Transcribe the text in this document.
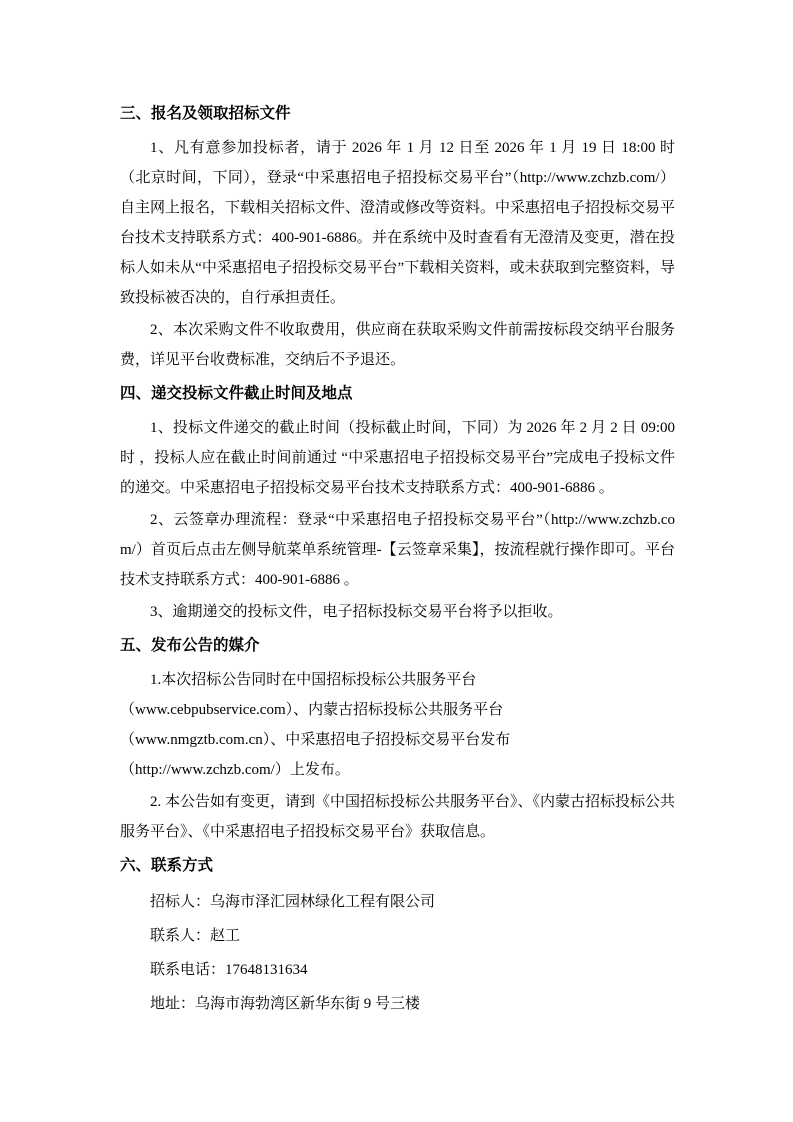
三、报名及领取招标文件

1、凡有意参加投标者，请于 2026 年 1 月 12 日至 2026 年 1 月 19 日 18:00 时 （北京时间，下同），登录“中采惠招电子招投标交易平台”（http://www.zchzb.com/）自主网上报名，下载相关招标文件、澄清或修改等资料。中采惠招电子招投标交易平台技术支持联系方式：400-901-6886。并在系统中及时查看有无澄清及变更，潜在投标人如未从“中采惠招电子招投标交易平台”下载相关资料，或未获取到完整资料，导致投标被否决的，自行承担责任。

2、本次采购文件不收取费用，供应商在获取采购文件前需按标段交纳平台服务费，详见平台收费标准，交纳后不予退还。

四、递交投标文件截止时间及地点

1、投标文件递交的截止时间（投标截止时间，下同）为 2026 年 2 月 2 日 09:00 时 ，投标人应在截止时间前通过 “中采惠招电子招投标交易平台”完成电子投标文件的递交。中采惠招电子招投标交易平台技术支持联系方式：400-901-6886 。

2、云签章办理流程：登录“中采惠招电子招投标交易平台”（http://www.zchzb.com/）首页后点击左侧导航菜单系统管理-【云签章采集】，按流程就行操作即可。平台技术支持联系方式：400-901-6886 。

3、逾期递交的投标文件，电子招标投标交易平台将予以拒收。

五、发布公告的媒介
1.本次招标公告同时在中国招标投标公共服务平台
（www.cebpubservice.com）、内蒙古招标投标公共服务平台
（www.nmgztb.com.cn）、中采惠招电子招投标交易平台发布
（http://www.zchzb.com/）上发布。

2. 本公告如有变更，请到《中国招标投标公共服务平台》、《内蒙古招标投标公共服务平台》、《中采惠招电子招投标交易平台》获取信息。

六、联系方式
招标人：乌海市泽汇园林绿化工程有限公司
联系人：赵工
联系电话：17648131634
地址：乌海市海勃湾区新华东街 9 号三楼
